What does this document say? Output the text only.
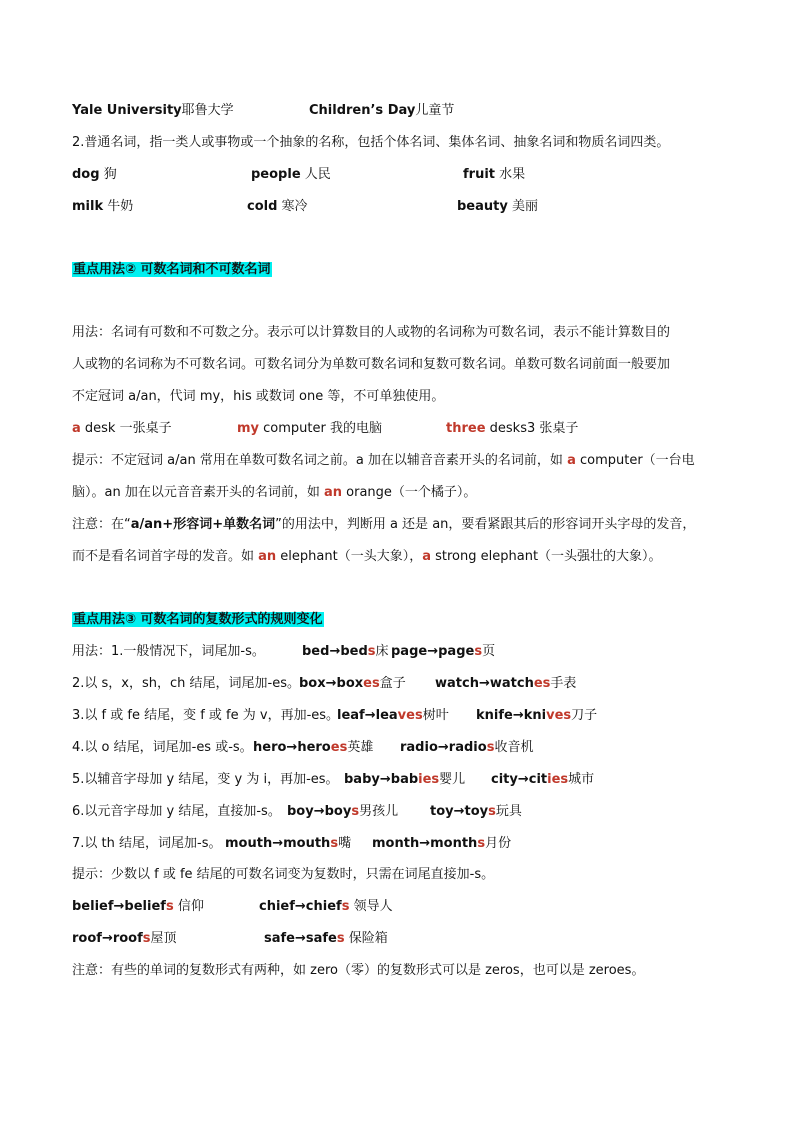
Yale University耶鲁大学	Children’s Day儿童节
2.普通名词，指一类人或事物或一个抽象的名称，包括个体名词、集体名词、抽象名词和物质名词四类。
dog 狗	people 人民	fruit 水果
milk 牛奶	cold 寒冷	beauty 美丽
重点用法② 可数名词和不可数名词
用法：名词有可数和不可数之分。表示可以计算数目的人或物的名词称为可数名词，表示不能计算数目的
人或物的名词称为不可数名词。可数名词分为单数可数名词和复数可数名词。单数可数名词前面一般要加
不定冠词 a/an，代词 my，his 或数词 one 等，不可单独使用。
a desk 一张桌子	my computer 我的电脑	three desks3 张桌子
提示：不定冠词 a/an 常用在单数可数名词之前。a 加在以辅音音素开头的名词前，如 a computer（一台电
脑）。an 加在以元音音素开头的名词前，如 an orange（一个橘子）。
注意：在“a/an+形容词+单数名词”的用法中，判断用 a 还是 an，要看紧跟其后的形容词开头字母的发音，
而不是看名词首字母的发音。如 an elephant（一头大象），a strong elephant（一头强壮的大象）。
重点用法③ 可数名词的复数形式的规则变化
用法：1.一般情况下，词尾加-s。	bed→beds床 page→pages页
2.以 s，x，sh，ch 结尾，词尾加-es。 box→boxes盒子 watch→watches手表
3.以 f 或 fe 结尾，变 f 或 fe 为 v，再加-es。
leaf→leaves树叶 knife→knives刀子
4.以 o 结尾，词尾加-es 或-s。 hero→heroes英雄 radio→radios收音机
5.以辅音字母加 y 结尾，变 y 为 i，再加-es。 baby→babies婴儿 city→cities城市
6.以元音字母加 y 结尾，直接加-s。 boy→boys男孩儿 toy→toys玩具
7.以 th 结尾，词尾加-s。 mouth→mouths嘴 month→months月份
提示：少数以 f 或 fe 结尾的可数名词变为复数时，只需在词尾直接加-s。
belief→beliefs 信仰	chief→chiefs 领导人
roof→roofs屋顶	safe→safes 保险箱
注意：有些的单词的复数形式有两种，如 zero（零）的复数形式可以是 zeros，也可以是 zeroes。
